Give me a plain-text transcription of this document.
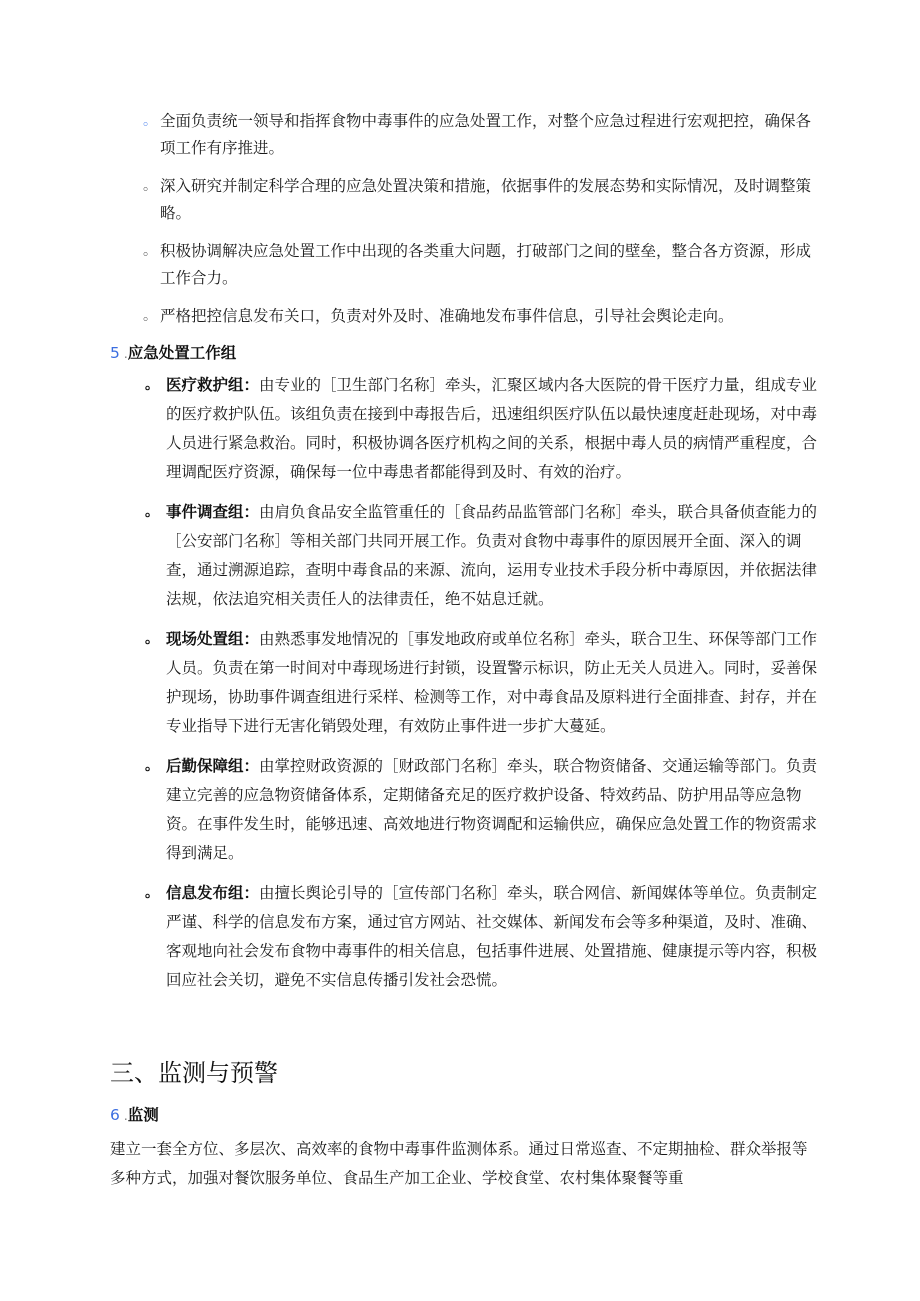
。 全面负责统一领导和指挥食物中毒事件的应急处置工作，对整个应急过程进行宏观把控，确保各项工作有序推进。
。 深入研究并制定科学合理的应急处置决策和措施，依据事件的发展态势和实际情况，及时调整策略。
。 积极协调解决应急处置工作中出现的各类重大问题，打破部门之间的壁垒，整合各方资源，形成工作合力。
。 严格把控信息发布关口，负责对外及时、准确地发布事件信息，引导社会舆论走向。
5 .应急处置工作组
。 医疗救护组：由专业的［卫生部门名称］牵头，汇聚区域内各大医院的骨干医疗力量，组成专业的医疗救护队伍。该组负责在接到中毒报告后，迅速组织医疗队伍以最快速度赶赴现场，对中毒人员进行紧急救治。同时，积极协调各医疗机构之间的关系，根据中毒人员的病情严重程度，合理调配医疗资源，确保每一位中毒患者都能得到及时、有效的治疗。
。 事件调查组：由肩负食品安全监管重任的［食品药品监管部门名称］牵头，联合具备侦查能力的［公安部门名称］等相关部门共同开展工作。负责对食物中毒事件的原因展开全面、深入的调查，通过溯源追踪，查明中毒食品的来源、流向，运用专业技术手段分析中毒原因，并依据法律法规，依法追究相关责任人的法律责任，绝不姑息迁就。
。 现场处置组：由熟悉事发地情况的［事发地政府或单位名称］牵头，联合卫生、环保等部门工作人员。负责在第一时间对中毒现场进行封锁，设置警示标识，防止无关人员进入。同时，妥善保护现场，协助事件调查组进行采样、检测等工作，对中毒食品及原料进行全面排查、封存，并在专业指导下进行无害化销毁处理，有效防止事件进一步扩大蔓延。
。 后勤保障组：由掌控财政资源的［财政部门名称］牵头，联合物资储备、交通运输等部门。负责建立完善的应急物资储备体系，定期储备充足的医疗救护设备、特效药品、防护用品等应急物资。在事件发生时，能够迅速、高效地进行物资调配和运输供应，确保应急处置工作的物资需求得到满足。
。 信息发布组：由擅长舆论引导的［宣传部门名称］牵头，联合网信、新闻媒体等单位。负责制定严谨、科学的信息发布方案，通过官方网站、社交媒体、新闻发布会等多种渠道，及时、准确、客观地向社会发布食物中毒事件的相关信息，包括事件进展、处置措施、健康提示等内容，积极回应社会关切，避免不实信息传播引发社会恐慌。
三、监测与预警
6 .监测
建立一套全方位、多层次、高效率的食物中毒事件监测体系。通过日常巡查、不定期抽检、群众举报等多种方式，加强对餐饮服务单位、食品生产加工企业、学校食堂、农村集体聚餐等重
